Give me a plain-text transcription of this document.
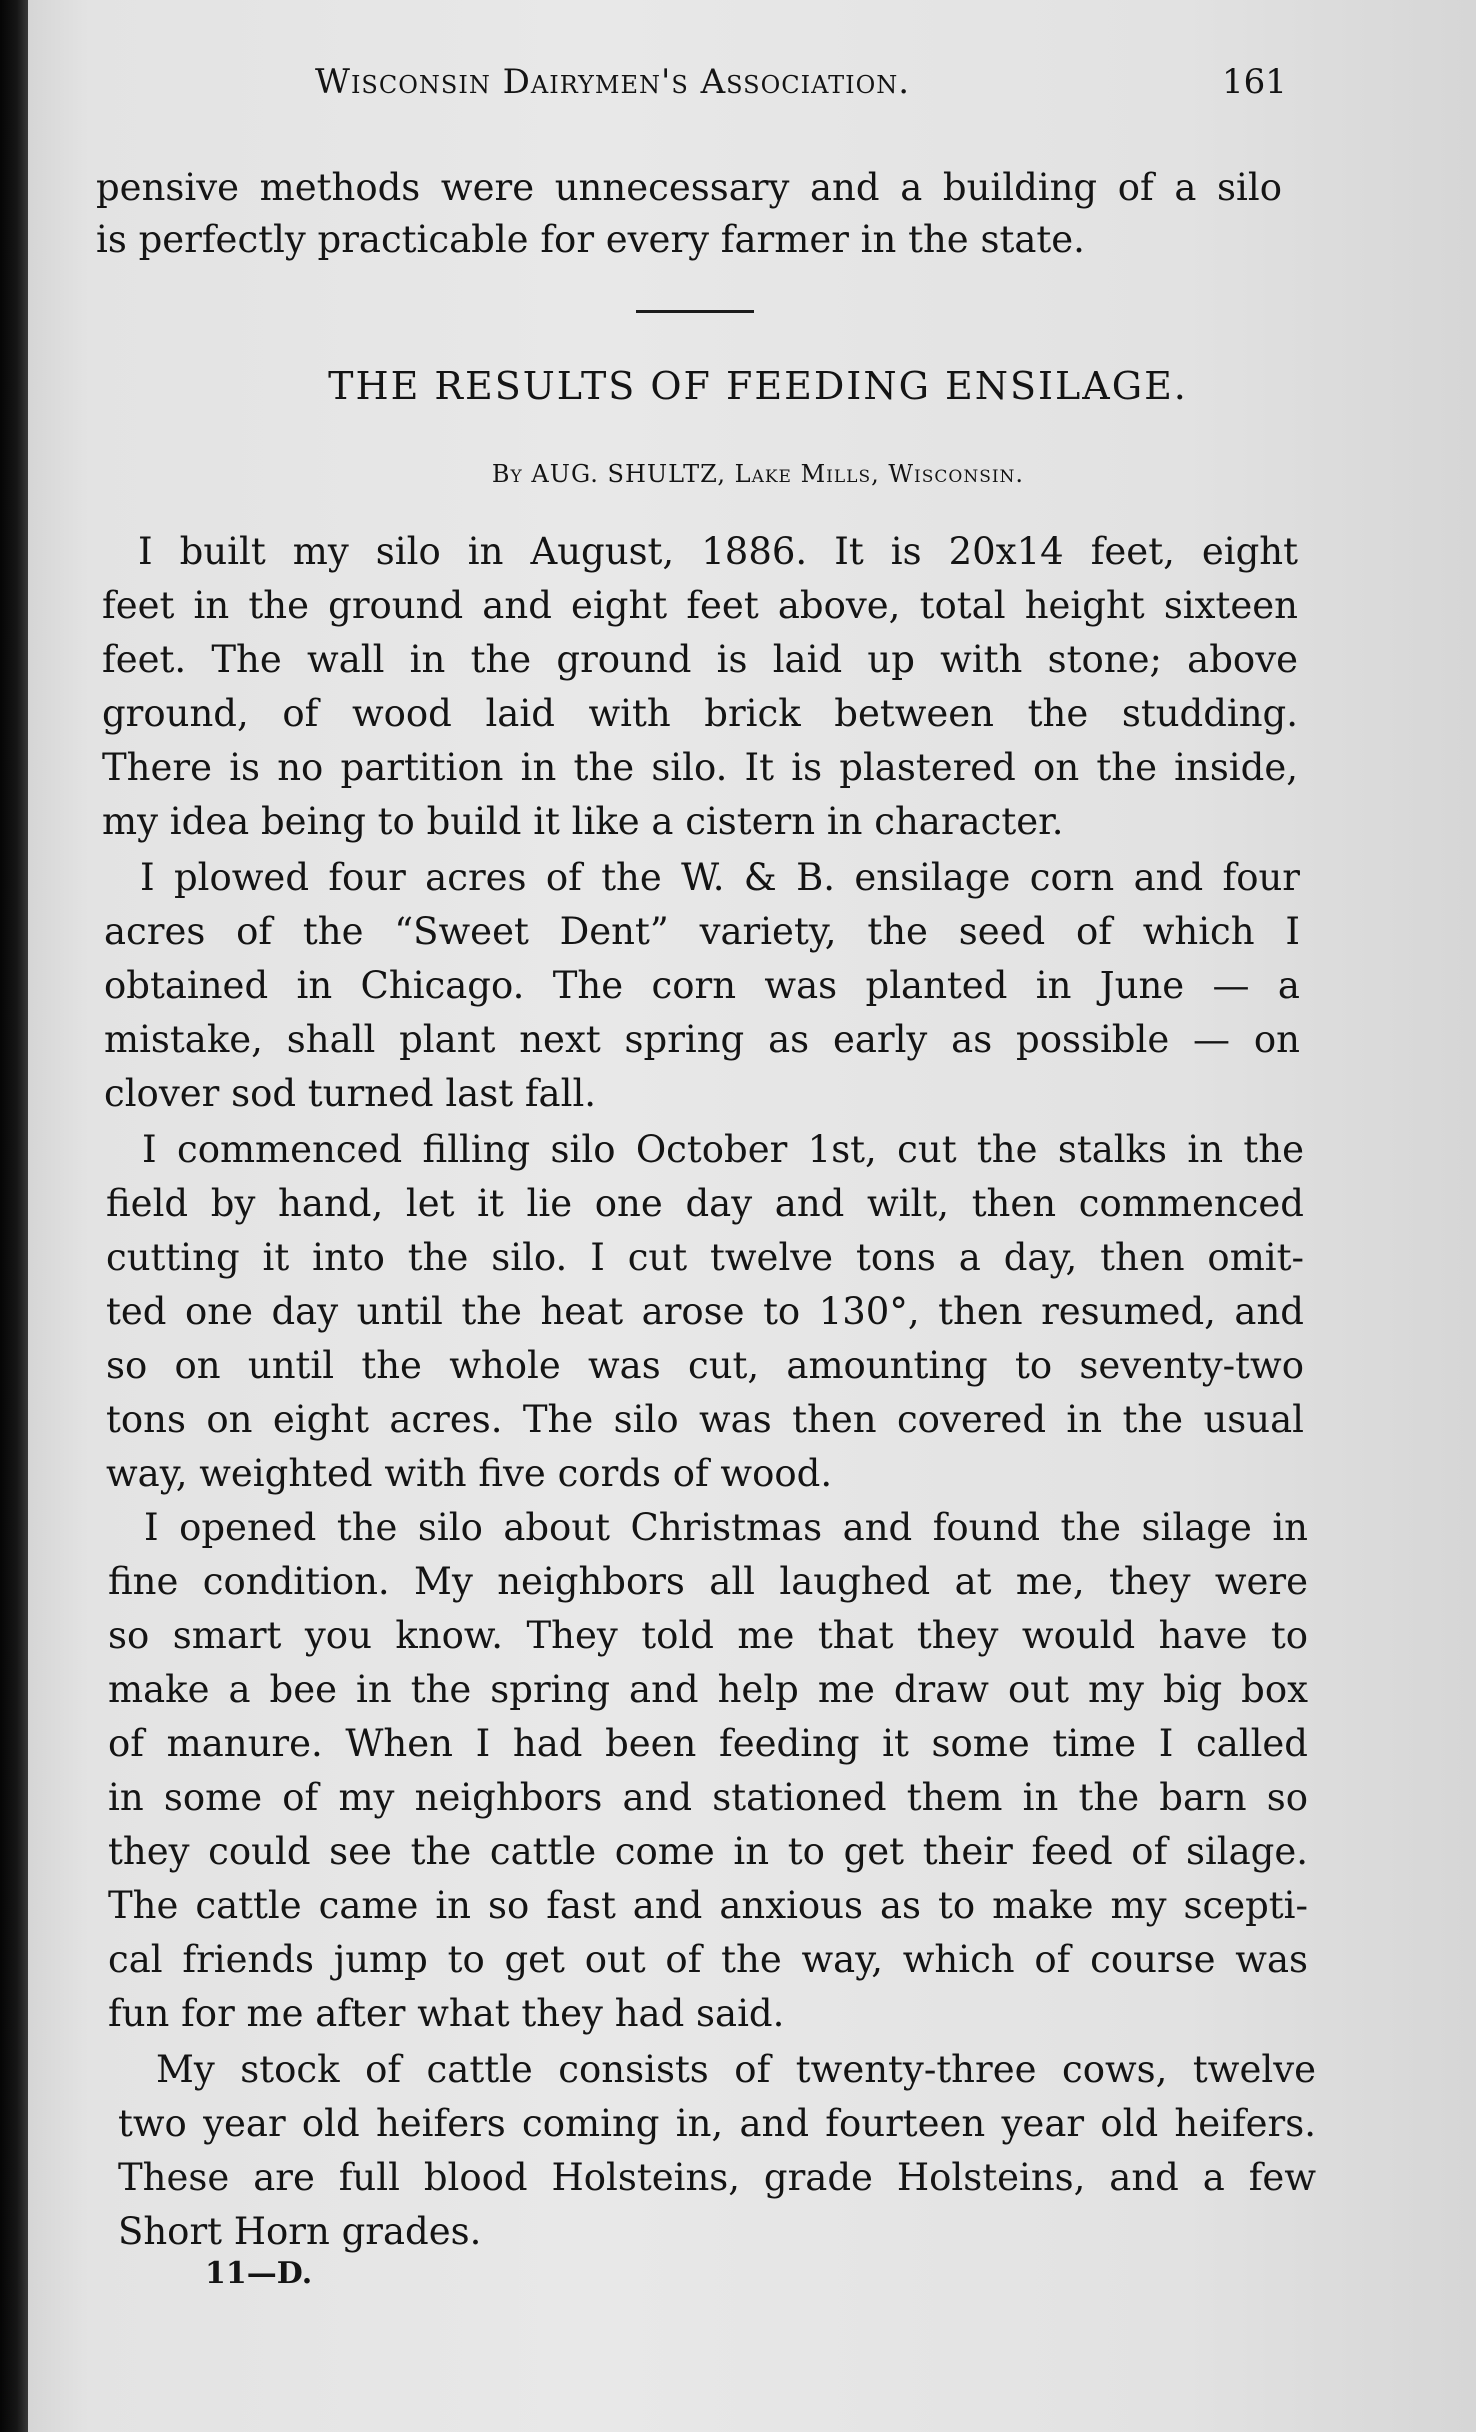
Wisconsin Dairymen's Association.	161
pensive methods were unnecessary and a building of a silo
is perfectly practicable for every farmer in the state.
THE RESULTS OF FEEDING ENSILAGE.
By AUG. SHULTZ, Lake Mills, Wisconsin.
I built my silo in August, 1886. It is 20x14 feet, eight
feet in the ground and eight feet above, total height sixteen
feet. The wall in the ground is laid up with stone; above
ground, of wood laid with brick between the studding.
There is no partition in the silo. It is plastered on the inside,
my idea being to build it like a cistern in character.
I plowed four acres of the W. & B. ensilage corn and four
acres of the “Sweet Dent” variety, the seed of which I
obtained in Chicago. The corn was planted in June — a
mistake, shall plant next spring as early as possible — on
clover sod turned last fall.
I commenced filling silo October 1st, cut the stalks in the
field by hand, let it lie one day and wilt, then commenced
cutting it into the silo. I cut twelve tons a day, then omit-
ted one day until the heat arose to 130°, then resumed, and
so on until the whole was cut, amounting to seventy-two
tons on eight acres. The silo was then covered in the usual
way, weighted with five cords of wood.
I opened the silo about Christmas and found the silage in
fine condition. My neighbors all laughed at me, they were
so smart you know. They told me that they would have to
make a bee in the spring and help me draw out my big box
of manure. When I had been feeding it some time I called
in some of my neighbors and stationed them in the barn so
they could see the cattle come in to get their feed of silage.
The cattle came in so fast and anxious as to make my scepti-
cal friends jump to get out of the way, which of course was
fun for me after what they had said.
My stock of cattle consists of twenty-three cows, twelve
two year old heifers coming in, and fourteen year old heifers.
These are full blood Holsteins, grade Holsteins, and a few
Short Horn grades.
11—D.
